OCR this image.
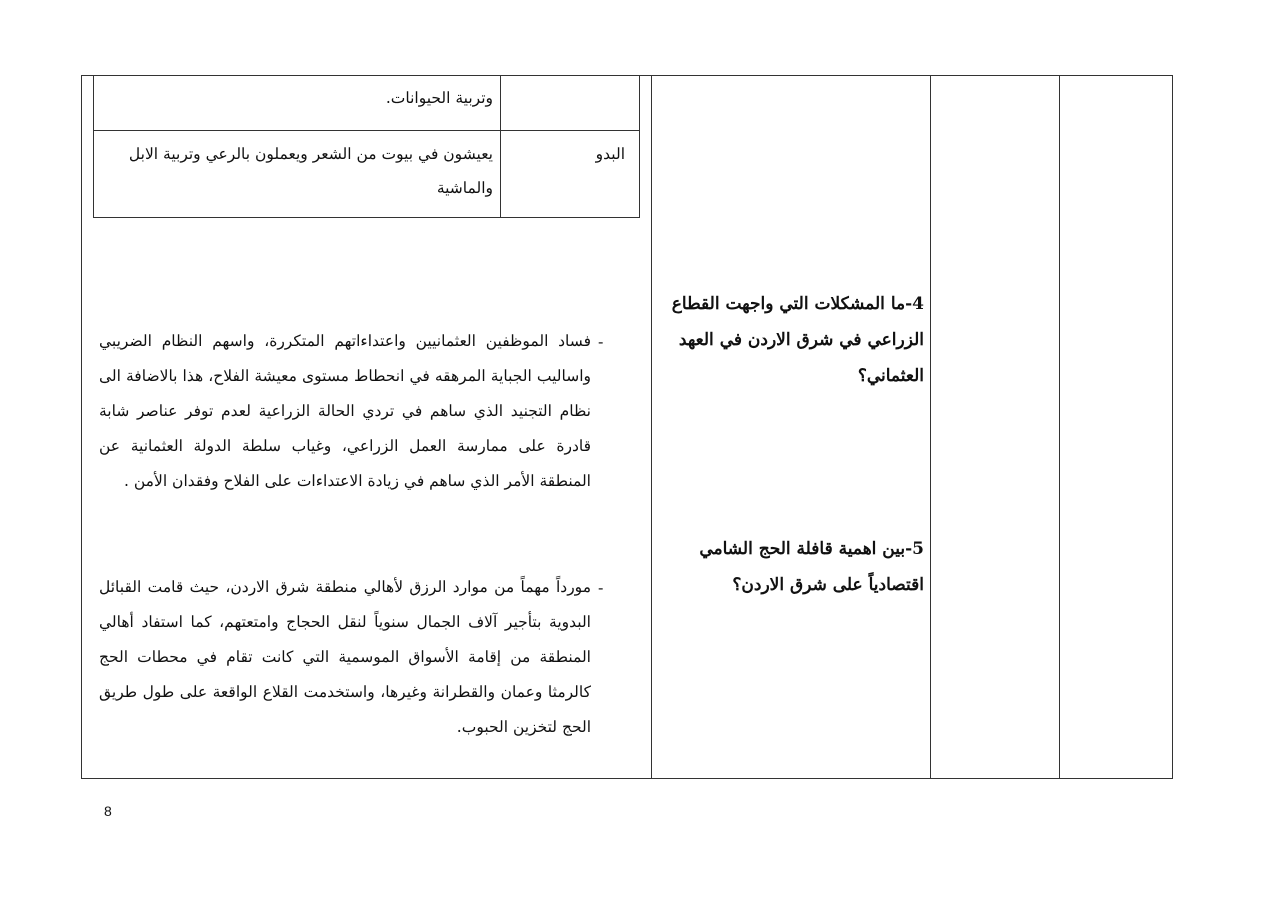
وتربية الحيوانات.
البدو
يعيشون في بيوت من الشعر ويعملون بالرعي وتربية الابل والماشية
4-ما المشكلات التي واجهت القطاع الزراعي في شرق الاردن في العهد العثماني؟
-
فساد الموظفين العثمانيين واعتداءاتهم المتكررة، واسهم النظام الضريبي واساليب الجباية المرهقه في انحطاط مستوى معيشة الفلاح، هذا بالاضافة الى نظام التجنيد الذي ساهم في تردي الحالة الزراعية لعدم توفر عناصر شابة قادرة على ممارسة العمل الزراعي، وغياب سلطة الدولة العثمانية عن المنطقة الأمر الذي ساهم في زيادة الاعتداءات على الفلاح وفقدان الأمن .
5-بين اهمية قافلة الحج الشامي اقتصادياً على شرق الاردن؟
-
مورداً مهماً من موارد الرزق لأهالي منطقة شرق الاردن، حيث قامت القبائل البدوية بتأجير آلاف الجمال سنوياً لنقل الحجاج وامتعتهم، كما استفاد أهالي المنطقة من إقامة الأسواق الموسمية التي كانت تقام في محطات الحج كالرمثا وعمان والقطرانة وغيرها، واستخدمت القلاع الواقعة على طول طريق الحج لتخزين الحبوب.
8
